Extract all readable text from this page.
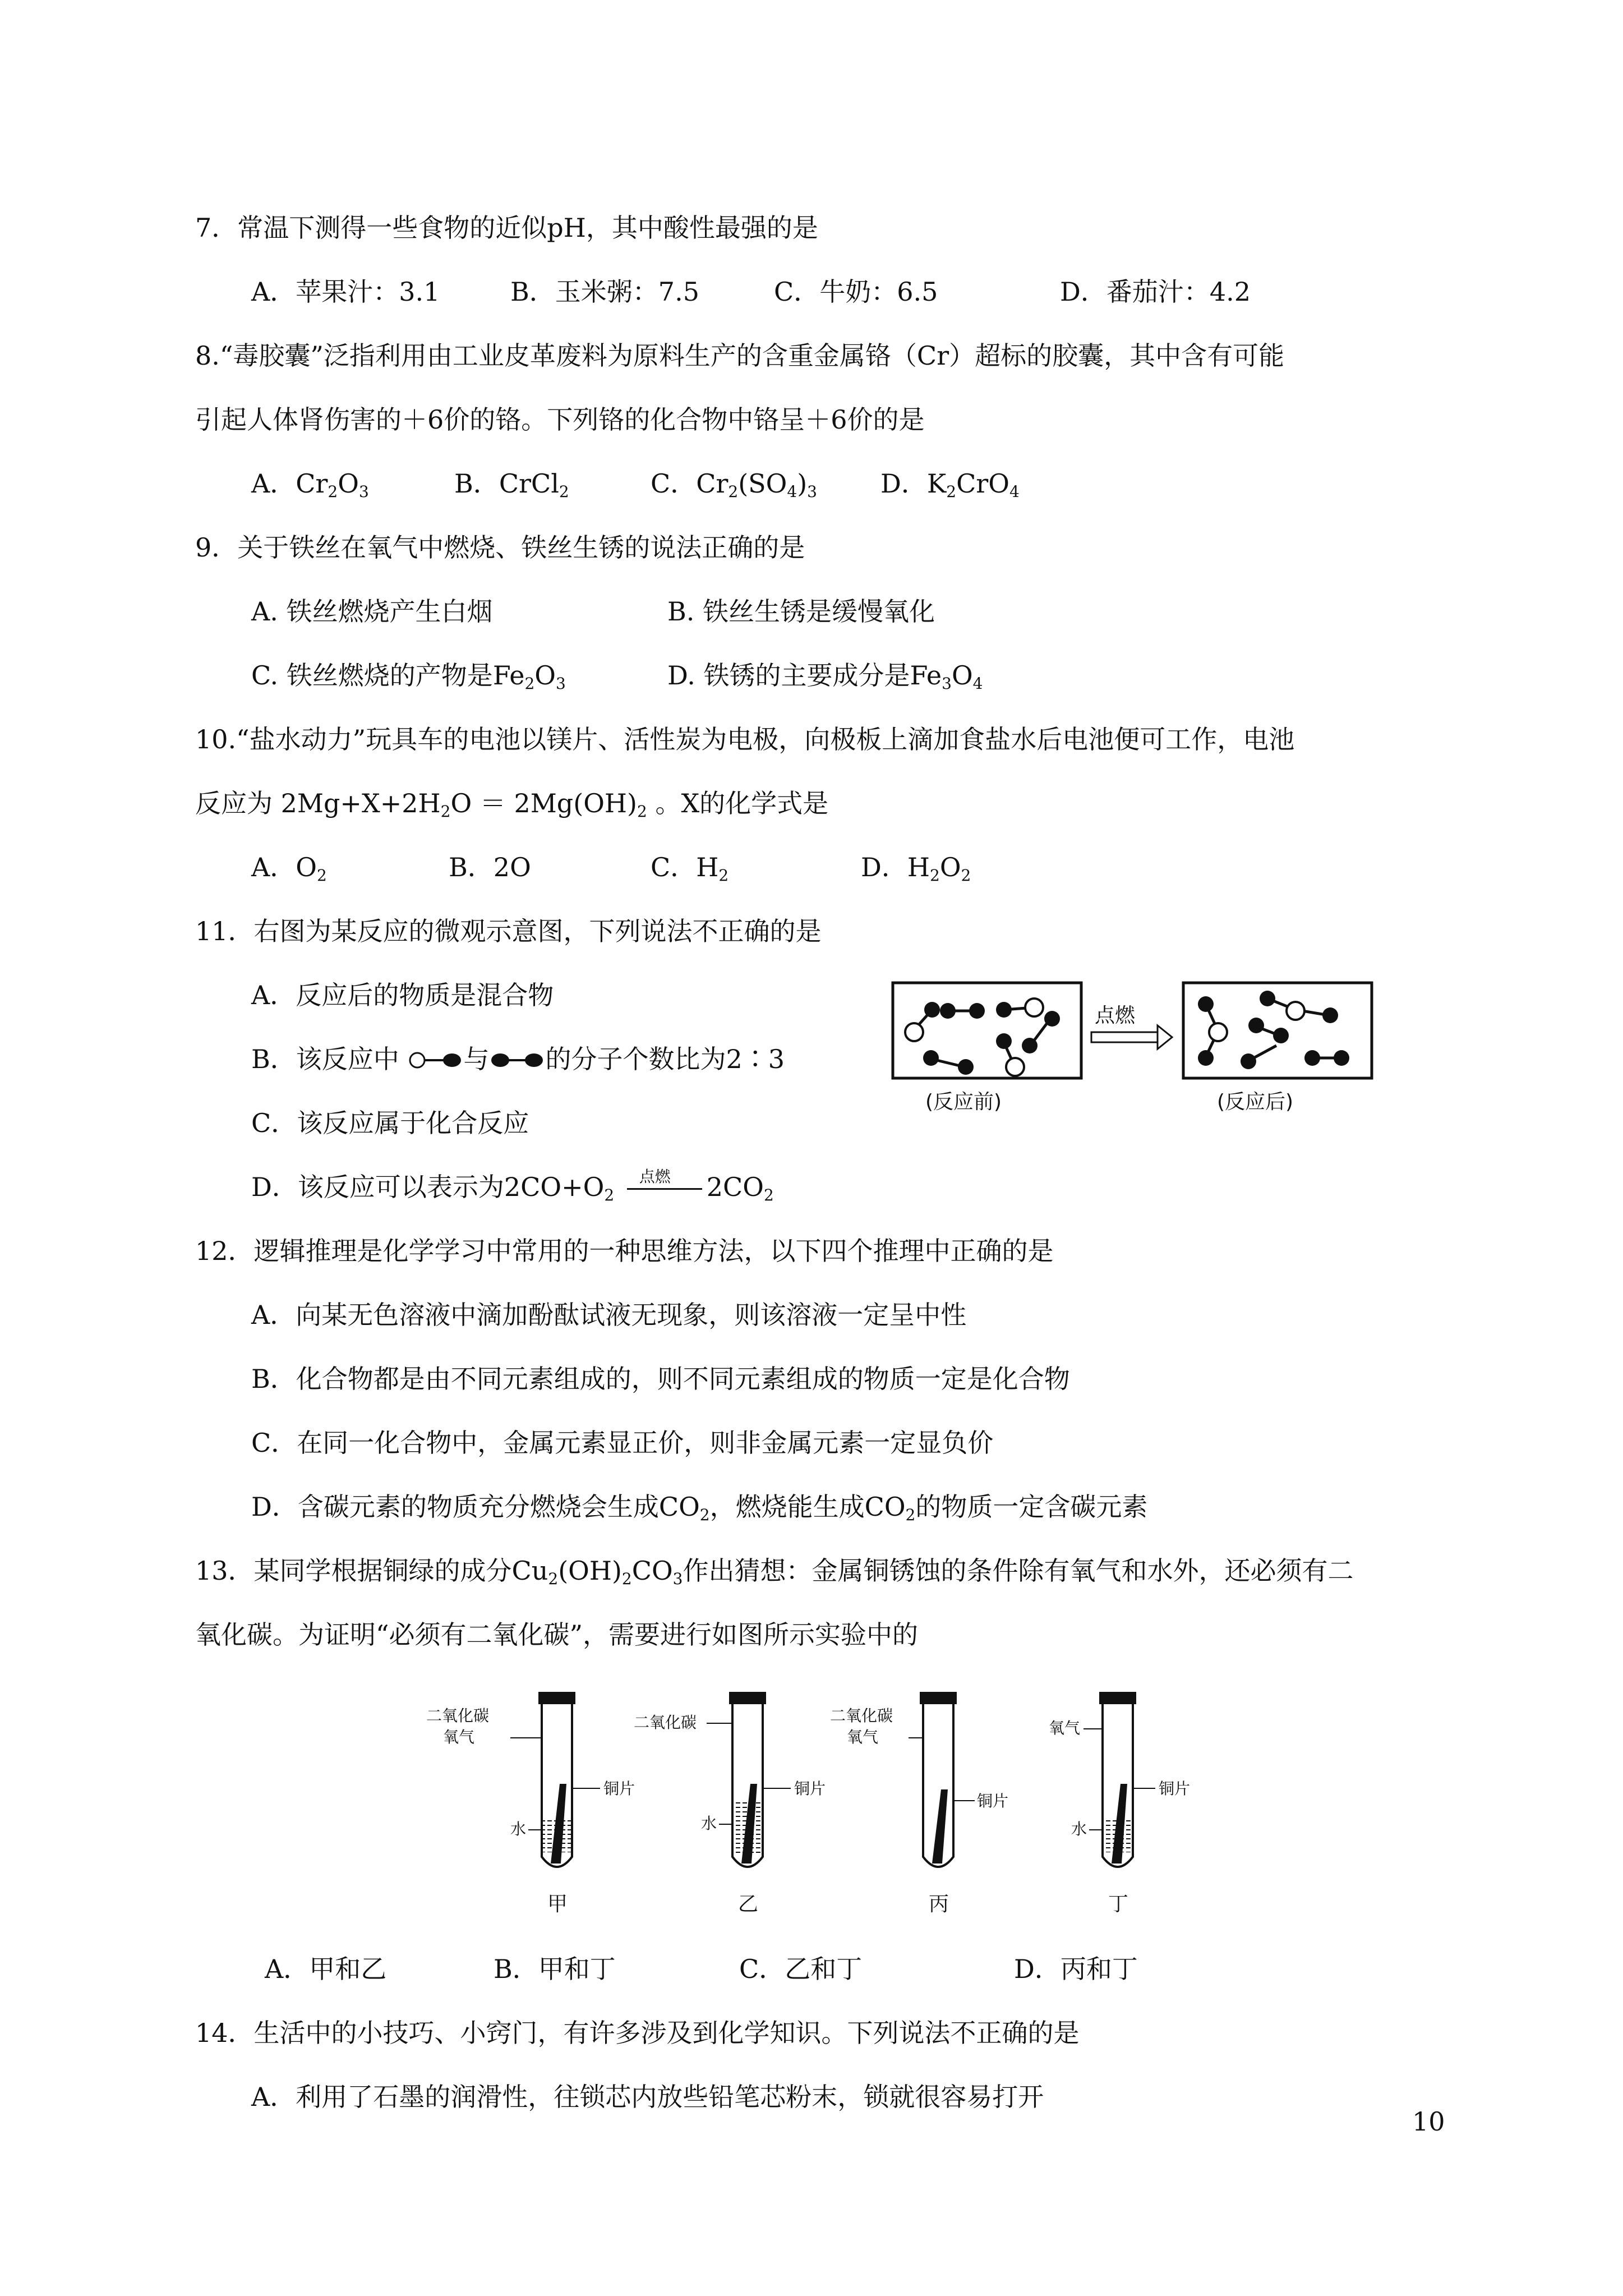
7．常温下测得一些食物的近似pH，其中酸性最强的是
A．苹果汁：3.1	B．玉米粥：7.5	C．牛奶：6.5	D．番茄汁：4.2
8.“毒胶囊”泛指利用由工业皮革废料为原料生产的含重金属铬（Cr）超标的胶囊，其中含有可能
引起人体肾伤害的＋6价的铬。下列铬的化合物中铬呈＋6价的是
A．$Cr_2O_3$	B．CrCl$_2$	C．$Cr_2(SO_4)_3$ D．$K_2CrO_4$
9．关于铁丝在氧气中燃烧、铁丝生锈的说法正确的是
A. 铁丝燃烧产生白烟	B. 铁丝生锈是缓慢氧化
C. 铁丝燃烧的产物是$Fe_2O_3$	D. 铁锈的主要成分是$Fe_3O_4$
10.“盐水动力”玩具车的电池以镁片、活性炭为电极，向极板上滴加食盐水后电池便可工作，电池
反应为 $2Mg+X+2H_2O = 2Mg(OH)_2$ 。X的化学式是
A．$O_2$	B．2O	C．$H_2$	D．$H_2O_2$
11．右图为某反应的微观示意图，下列说法不正确的是
A．反应后的物质是混合物
B．该反应中 与 的分子个数比为2∶3
C．该反应属于化合反应
D．该反应可以表示为$2CO+O_2$
点燃 $2CO_2$
点燃
(反应前)	(反应后)
12．逻辑推理是化学学习中常用的一种思维方法，以下四个推理中正确的是
A．向某无色溶液中滴加酚酞试液无现象，则该溶液一定呈中性
B．化合物都是由不同元素组成的，则不同元素组成的物质一定是化合物
C．在同一化合物中，金属元素显正价，则非金属元素一定显负价
D．含碳元素的物质充分燃烧会生成$CO_2$，燃烧能生成$CO_2$的物质一定含碳元素
13．某同学根据铜绿的成分$Cu_2(OH)_2CO_3$作出猜想：金属铜锈蚀的条件除有氧气和水外，还必须有二
氧化碳。为证明“必须有二氧化碳”，需要进行如图所示实验中的
二氧化碳
氧气
铜片
水
甲
二氧化碳
铜片
水
乙
二氧化碳
氧气
铜片
丙
氧气
铜片
水
丁
A．甲和乙	B．甲和丁	C．乙和丁	D．丙和丁
14．生活中的小技巧、小窍门，有许多涉及到化学知识。下列说法不正确的是
A．利用了石墨的润滑性，往锁芯内放些铅笔芯粉末，锁就很容易打开
10
